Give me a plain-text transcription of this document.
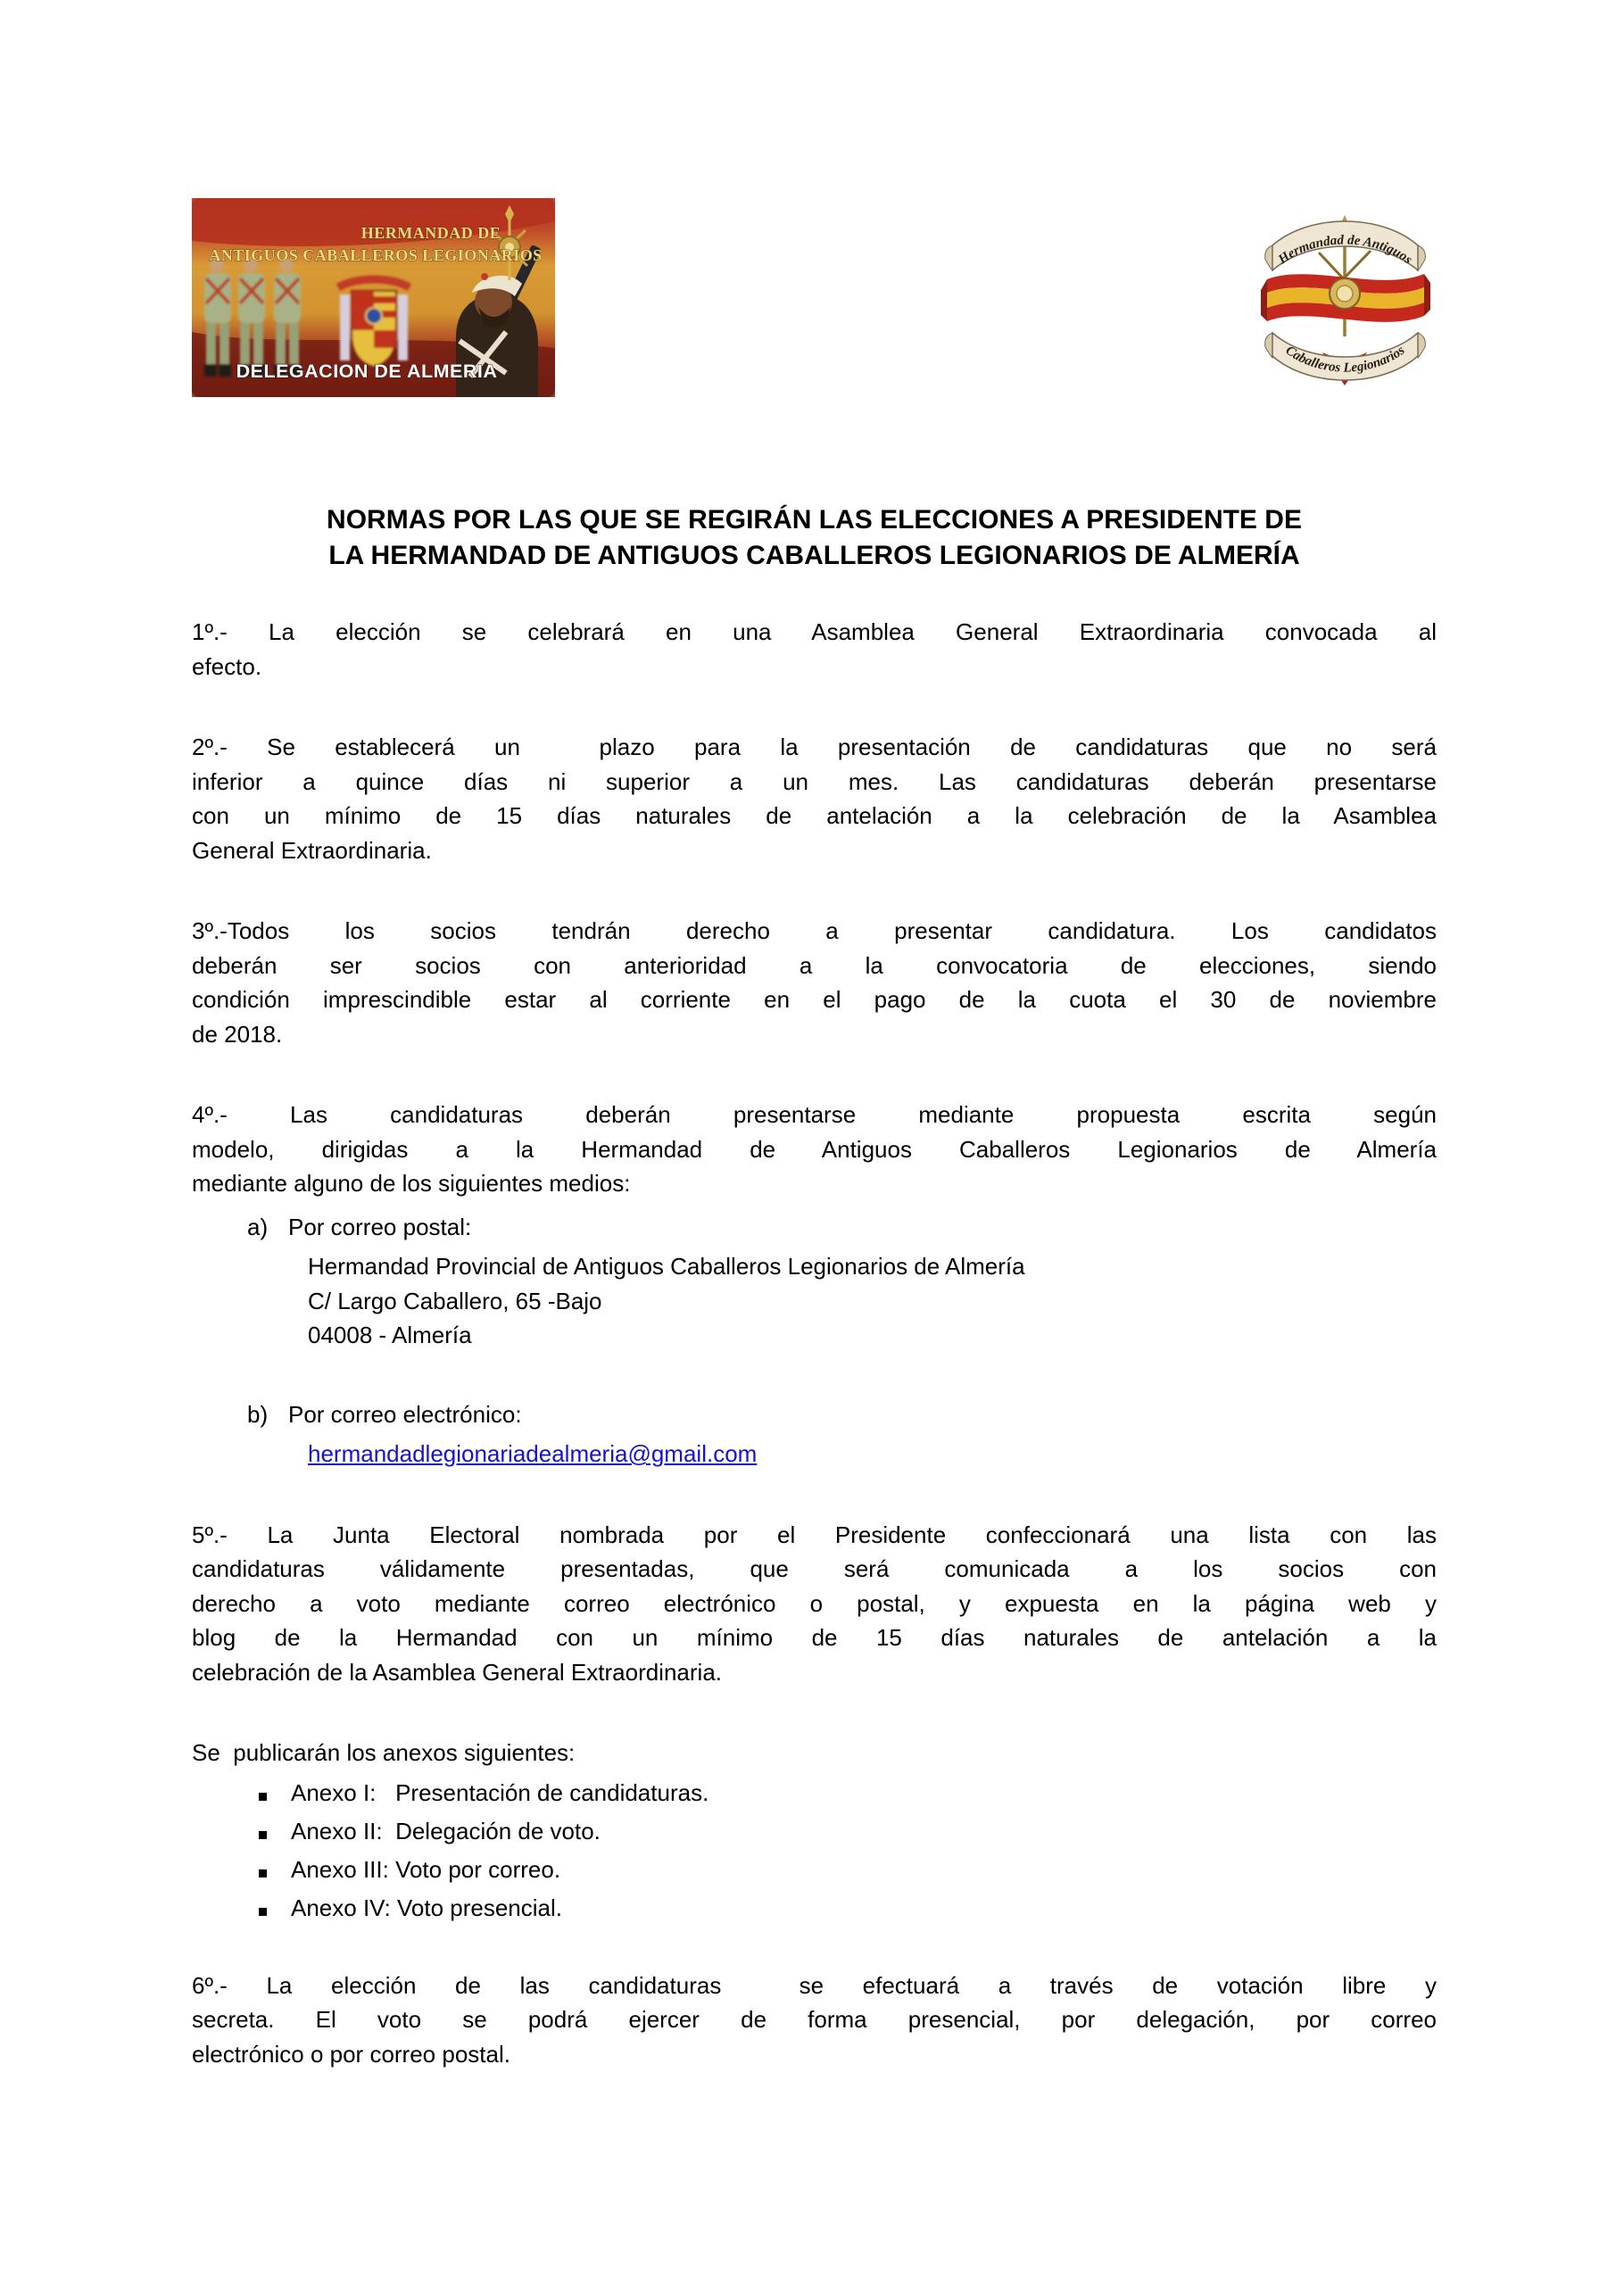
HERMANDAD DE
ANTIGUOS CABALLEROS LEGIONARIOS
DELEGACION DE ALMERIA
Hermandad de Antiguos
Caballeros Legionarios
NORMAS POR LAS QUE SE REGIRÁN LAS ELECCIONES A PRESIDENTE DE
LA HERMANDAD DE ANTIGUOS CABALLEROS LEGIONARIOS DE ALMERÍA
1º.- La elección se celebrará en una Asamblea General Extraordinaria convocada al
efecto.
2º.- Se establecerá un  plazo para la presentación de candidaturas que no será
inferior a quince días ni superior a un mes. Las candidaturas deberán presentarse
con un mínimo de 15 días naturales de antelación a la celebración de la Asamblea
General Extraordinaria.
3º.-Todos los socios tendrán derecho a presentar candidatura. Los candidatos
deberán ser socios con anterioridad a la convocatoria de elecciones, siendo
condición imprescindible estar al corriente en el pago de la cuota el 30 de noviembre
de 2018.
4º.- Las candidaturas deberán presentarse mediante propuesta escrita según
modelo, dirigidas a la Hermandad de Antiguos Caballeros Legionarios de Almería
mediante alguno de los siguientes medios:
a) Por correo postal:
Hermandad Provincial de Antiguos Caballeros Legionarios de Almería
C/ Largo Caballero, 65 -Bajo
04008 - Almería
b) Por correo electrónico:
hermandadlegionariadealmeria@gmail.com
5º.- La Junta Electoral nombrada por el Presidente confeccionará una lista con las
candidaturas válidamente presentadas, que será comunicada a los socios con
derecho a voto mediante correo electrónico o postal, y expuesta en la página web y
blog de la Hermandad con un mínimo de 15 días naturales de antelación a la
celebración de la Asamblea General Extraordinaria.
Se  publicarán los anexos siguientes:
Anexo I:   Presentación de candidaturas.
Anexo II:  Delegación de voto.
Anexo III: Voto por correo.
Anexo IV: Voto presencial.
6º.- La elección de las candidaturas  se efectuará a través de votación libre y
secreta. El voto se podrá ejercer de forma presencial, por delegación, por correo
electrónico o por correo postal.
